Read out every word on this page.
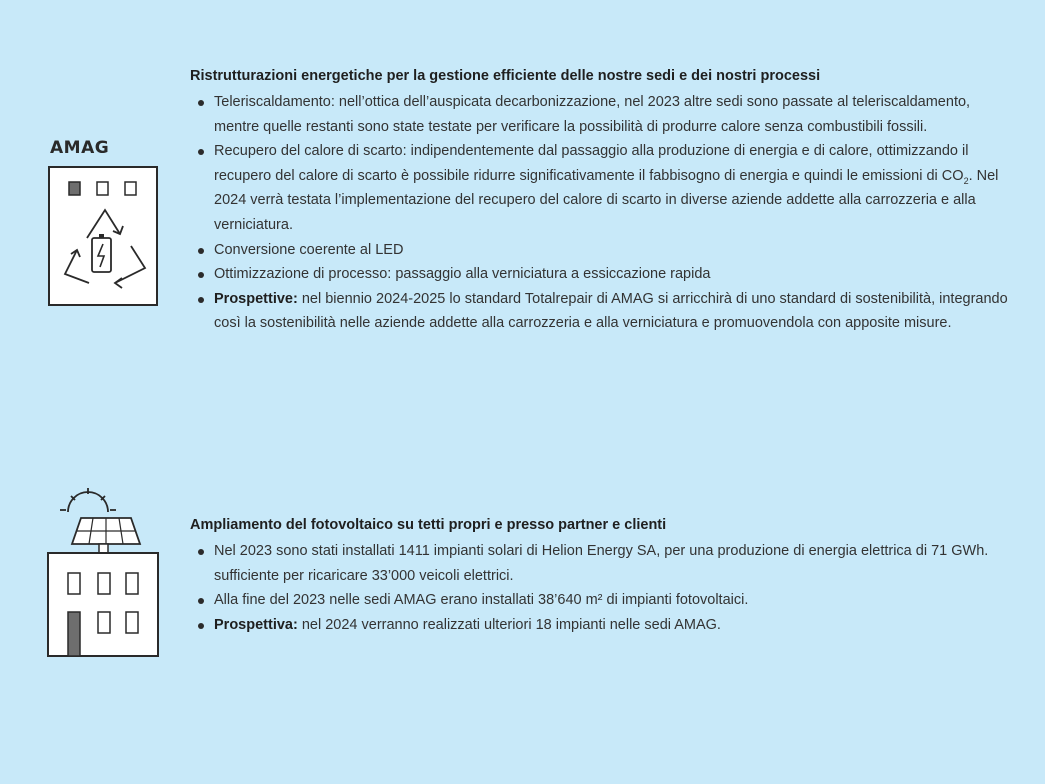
AMAG
Ristrutturazioni energetiche per la gestione efficiente delle nostre sedi e dei nostri processi
Teleriscaldamento: nell’ottica dell’auspicata decarbonizzazione, nel 2023 altre sedi sono passate al teleriscaldamento, mentre quelle restanti sono state testate per verificare la possibilità di produrre calore senza combustibili fossili.
Recupero del calore di scarto: indipendentemente dal passaggio alla produzione di energia e di calore, ottimizzando il recupero del calore di scarto è possibile ridurre significativamente il fabbisogno di energia e quindi le emissioni di $CO_2$. Nel 2024 verrà testata l’implementazione del recupero del calore di scarto in diverse aziende addette alla carrozzeria e alla verniciatura.
Conversione coerente al LED
Ottimizzazione di processo: passaggio alla verniciatura a essiccazione rapida
Prospettive: nel biennio 2024-2025 lo standard Totalrepair di AMAG si arricchirà di uno standard di sostenibilità, integrando così la sostenibilità nelle aziende addette alla carrozzeria e alla verniciatura e promuovendola con apposite misure.
Ampliamento del fotovoltaico su tetti propri e presso partner e clienti
Nel 2023 sono stati installati 1411 impianti solari di Helion Energy SA, per una produzione di energia elettrica di 71 GWh. sufficiente per ricaricare 33’000 veicoli elettrici.
Alla fine del 2023 nelle sedi AMAG erano installati 38’640 m² di impianti fotovoltaici.
Prospettiva: nel 2024 verranno realizzati ulteriori 18 impianti nelle sedi AMAG.
